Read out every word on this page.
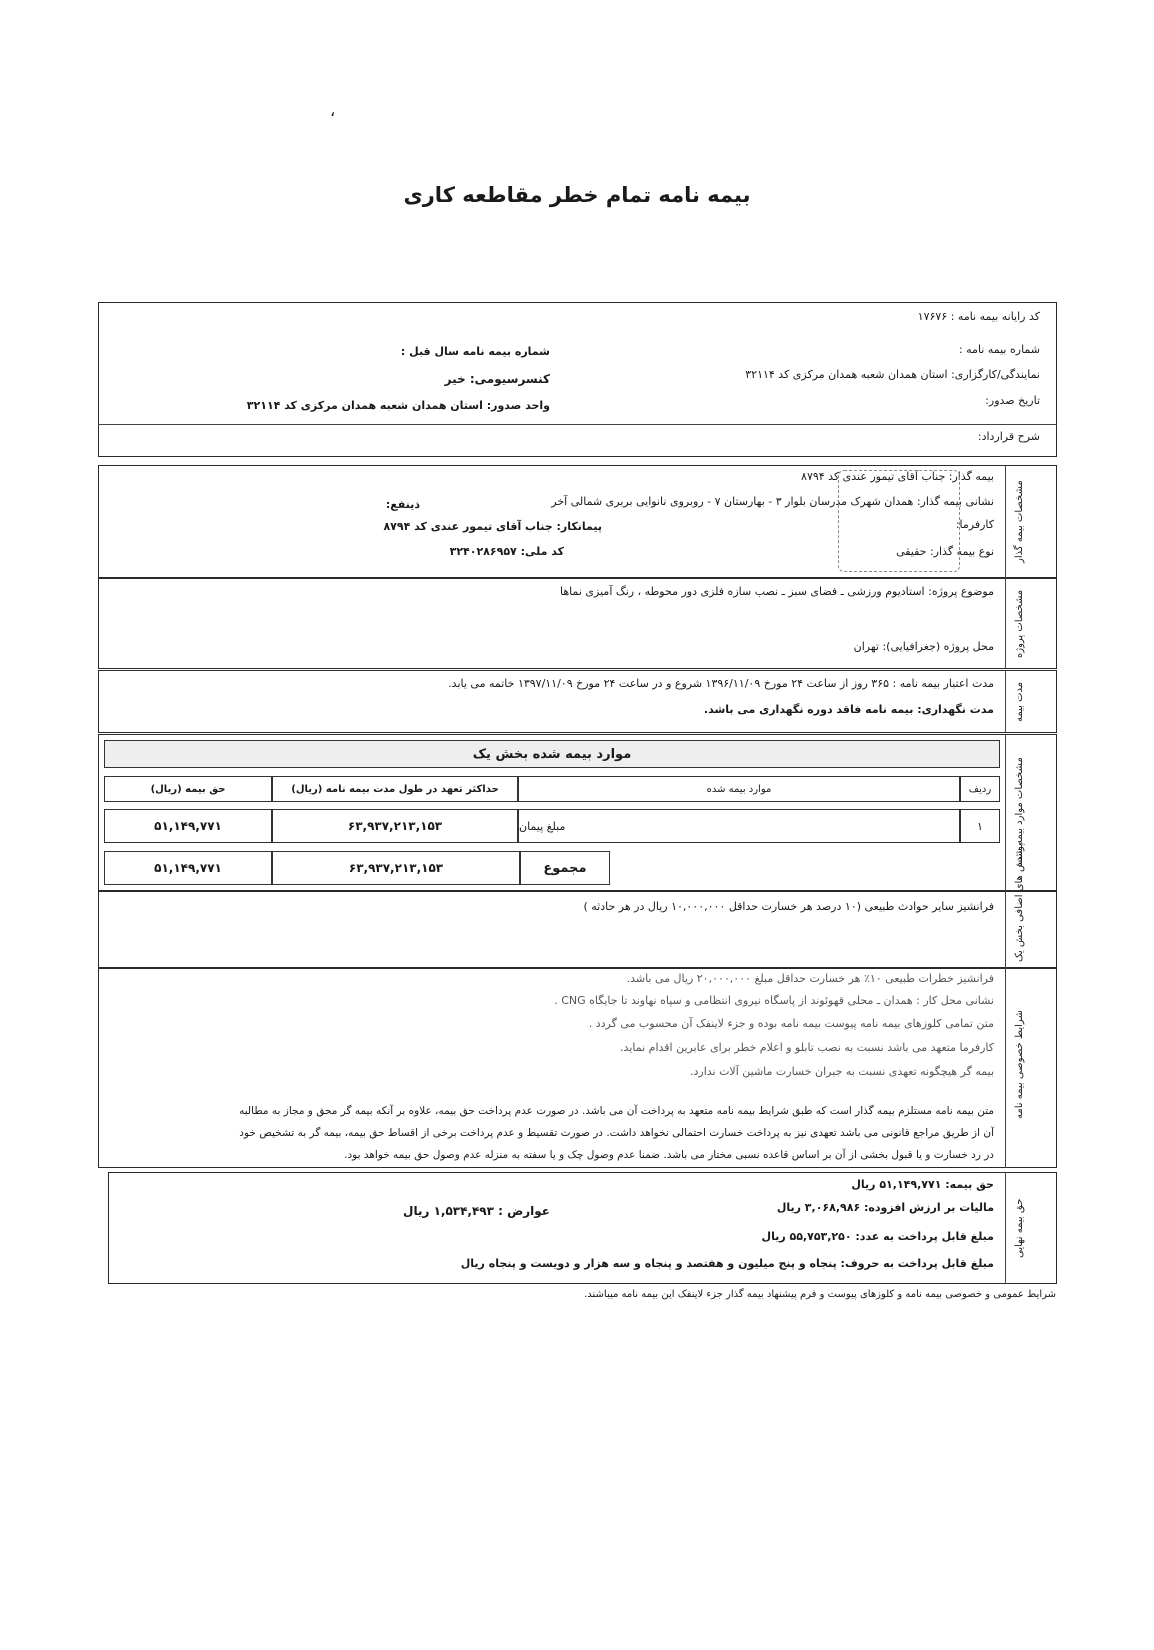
،
بیمه نامه تمام خطر مقاطعه کاری
کد رایانه بیمه نامه : ۱۷۶۷۶
شماره بیمه نامه :
شماره بیمه نامه سال قبل :
نمایندگی/کارگزاری: استان همدان شعبه همدان مرکزی کد ۳۲۱۱۴
کنسرسیومی: خیر
تاریخ صدور:
واحد صدور: استان همدان شعبه همدان مرکزی کد ۳۲۱۱۴
شرح قرارداد:
مشخصات بیمه گذار
بیمه گذار: جناب آقای تیمور عندی کد ۸۷۹۴
نشانی بیمه گذار: همدان شهرک مدرسان بلوار ۳ - بهارستان ۷ - روبروی نانوایی بربری شمالی آخر
ذینفع:
کارفرما:
پیمانکار: جناب آقای تیمور عندی کد ۸۷۹۴
نوع بیمه گذار: حقیقی
کد ملی: ۳۲۴۰۲۸۶۹۵۷
مشخصات پروژه
موضوع پروژه: استادیوم ورزشی ـ فضای سبز ـ نصب سازه فلزی دور محوطه ، رنگ آمیزی نماها
محل پروژه (جغرافیایی): تهران
مدت بیمه
مدت اعتبار بیمه نامه : ۳۶۵ روز از ساعت ۲۴ مورخ ۱۳۹۶/۱۱/۰۹ شروع و در ساعت ۲۴ مورخ ۱۳۹۷/۱۱/۰۹ خاتمه می یابد.
مدت نگهداری: بیمه نامه فاقد دوره نگهداری می باشد.
مشخصات موارد بیمه شده
موارد بیمه شده بخش یک
ردیف
موارد بیمه شده
حداکثر تعهد در طول مدت بیمه نامه (ریال)
حق بیمه (ریال)
۱
مبلغ پیمان
۶۳,۹۳۷,۲۱۳,۱۵۳
۵۱,۱۴۹,۷۷۱
مجموع
۶۳,۹۳۷,۲۱۳,۱۵۳
۵۱,۱۴۹,۷۷۱	پوشش های اضافی بخش یک
فرانشیز سایر حوادث طبیعی (۱۰ درصد هر خسارت حداقل ۱۰,۰۰۰,۰۰۰ ریال در هر حادثه )
شرایط خصوصی بیمه نامه
فرانشیز خطرات طبیعی ۱۰٪ هر خسارت حداقل مبلغ ۲۰,۰۰۰,۰۰۰ ریال می باشد.
نشانی محل کار : همدان ـ محلی قهوئوند از پاسگاه نیروی انتظامی و سپاه نهاوند تا جایگاه CNG .
متن تمامی کلوزهای بیمه نامه پیوست بیمه نامه بوده و جزء لاینفک آن محسوب می گردد .
کارفرما متعهد می باشد نسبت به نصب تابلو و اعلام خطر برای عابرین اقدام نماید.
بیمه گر هیچگونه تعهدی نسبت به جبران خسارت ماشین آلات ندارد.
متن بیمه نامه مستلزم بیمه گذار است که طبق شرایط بیمه نامه متعهد به پرداخت آن می باشد. در صورت عدم پرداخت حق بیمه، علاوه بر آنکه بیمه گر محق و مجاز به مطالبه
آن از طریق مراجع قانونی می باشد تعهدی نیز به پرداخت خسارت احتمالی نخواهد داشت. در صورت تقسیط و عدم پرداخت برخی از اقساط حق بیمه، بیمه گر به تشخیص خود
در رد خسارت و یا قبول بخشی از آن بر اساس قاعده نسبی مختار می باشد. ضمنا عدم وصول چک و یا سفته به منزله عدم وصول حق بیمه خواهد بود.
حق بیمه نهایی
حق بیمه: ۵۱,۱۴۹,۷۷۱ ریال
مالیات بر ارزش افزوده: ۳,۰۶۸,۹۸۶ ریال
عوارض : ۱,۵۳۴,۴۹۳ ریال
مبلغ قابل پرداخت به عدد: ۵۵,۷۵۳,۲۵۰ ریال
مبلغ قابل پرداخت به حروف: پنجاه و پنج میلیون و هفتصد و پنجاه و سه هزار و دویست و پنجاه ریال
شرایط عمومی و خصوصی بیمه نامه و کلوزهای پیوست و فرم پیشنهاد بیمه گذار جزء لاینفک این بیمه نامه میباشند.
